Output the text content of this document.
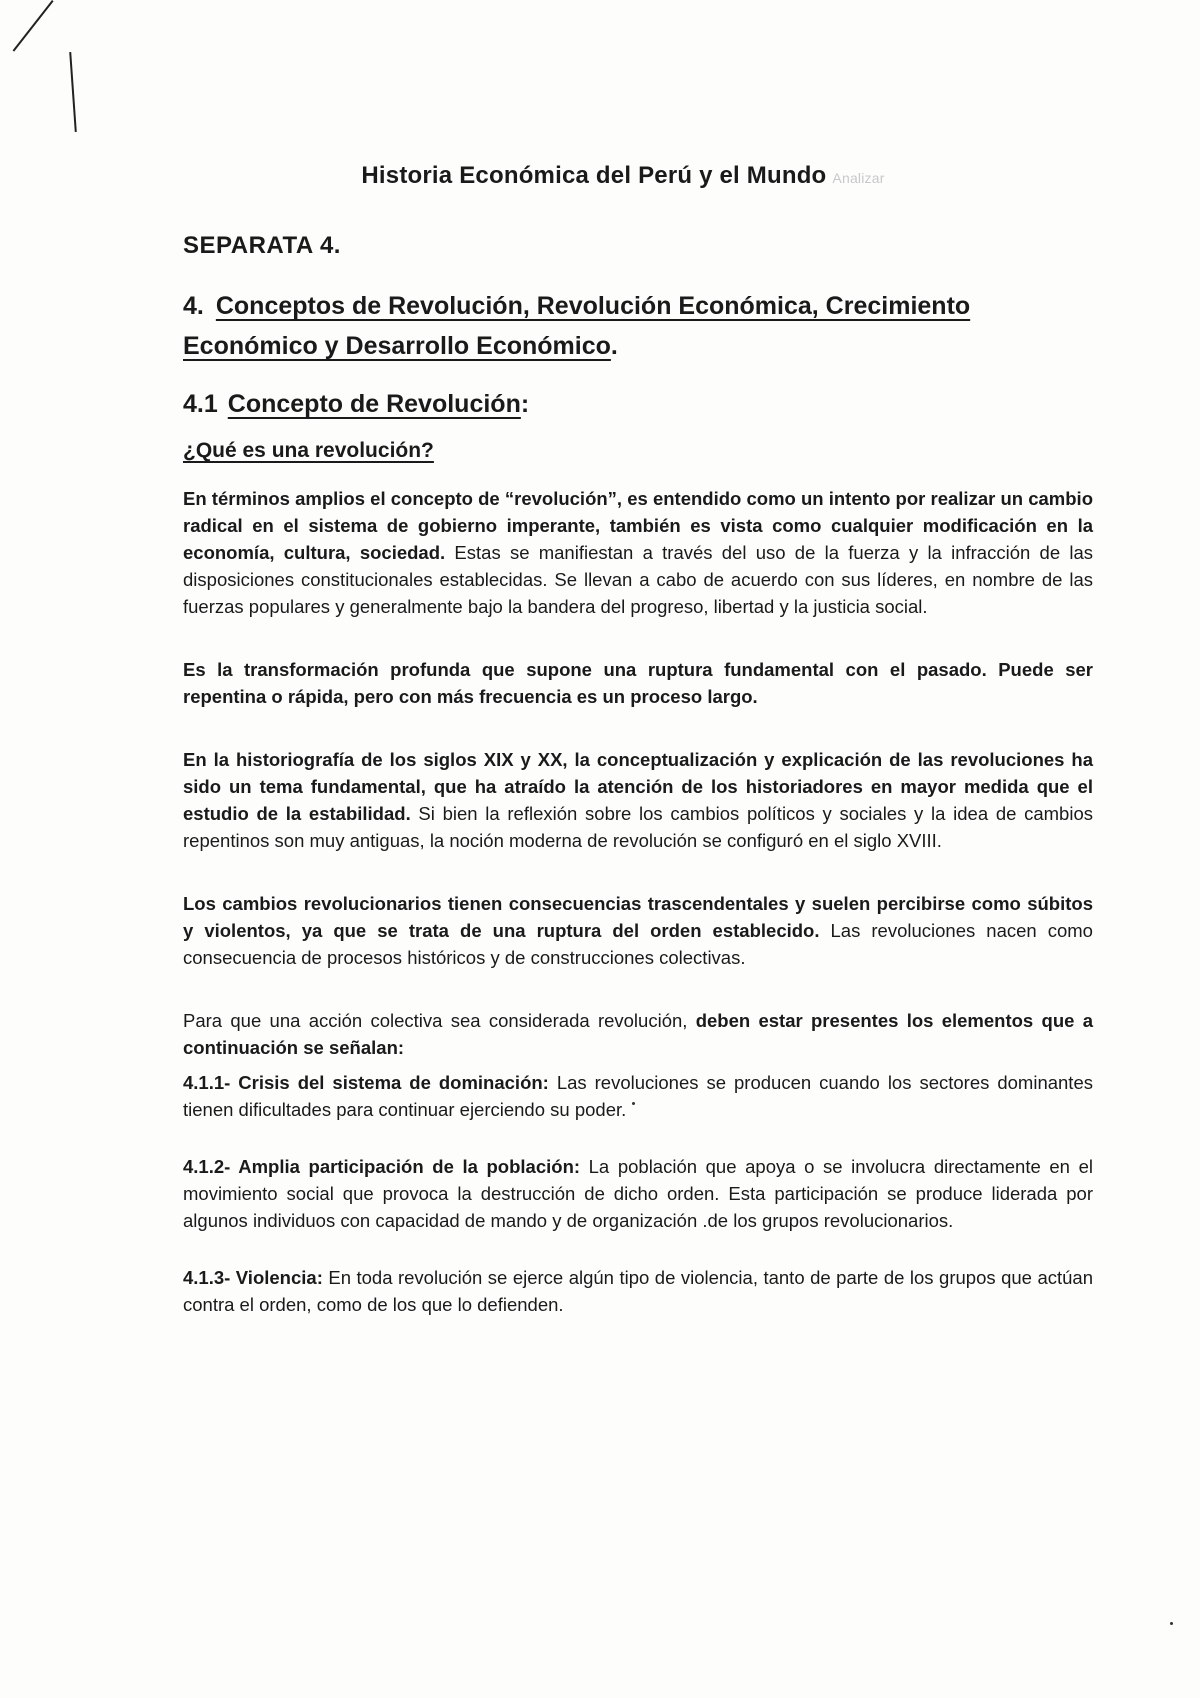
Historia Económica del Perú y el Mundo Analizar
SEPARATA 4.
4. Conceptos de Revolución, Revolución Económica, Crecimiento Económico y Desarrollo Económico.
4.1 Concepto de Revolución:
¿Qué es una revolución?

En términos amplios el concepto de “revolución”, es entendido como un intento por realizar un cambio radical en el sistema de gobierno imperante, también es vista como cualquier modificación en la economía, cultura, sociedad. Estas se manifiestan a través del uso de la fuerza y la infracción de las disposiciones constitucionales establecidas. Se llevan a cabo de acuerdo con sus líderes, en nombre de las fuerzas populares y generalmente bajo la bandera del progreso, libertad y la justicia social.

Es la transformación profunda que supone una ruptura fundamental con el pasado. Puede ser repentina o rápida, pero con más frecuencia es un proceso largo.

En la historiografía de los siglos XIX y XX, la conceptualización y explicación de las revoluciones ha sido un tema fundamental, que ha atraído la atención de los historiadores en mayor medida que el estudio de la estabilidad. Si bien la reflexión sobre los cambios políticos y sociales y la idea de cambios repentinos son muy antiguas, la noción moderna de revolución se configuró en el siglo XVIII.

Los cambios revolucionarios tienen consecuencias trascendentales y suelen percibirse como súbitos y violentos, ya que se trata de una ruptura del orden establecido. Las revoluciones nacen como consecuencia de procesos históricos y de construcciones colectivas.

Para que una acción colectiva sea considerada revolución, deben estar presentes los elementos que a continuación se señalan:

4.1.1- Crisis del sistema de dominación: Las revoluciones se producen cuando los sectores dominantes tienen dificultades para continuar ejerciendo su poder.

4.1.2- Amplia participación de la población: La población que apoya o se involucra directamente en el movimiento social que provoca la destrucción de dicho orden. Esta participación se produce liderada por algunos individuos con capacidad de mando y de organización .de los grupos revolucionarios.

4.1.3- Violencia: En toda revolución se ejerce algún tipo de violencia, tanto de parte de los grupos que actúan contra el orden, como de los que lo defienden.
